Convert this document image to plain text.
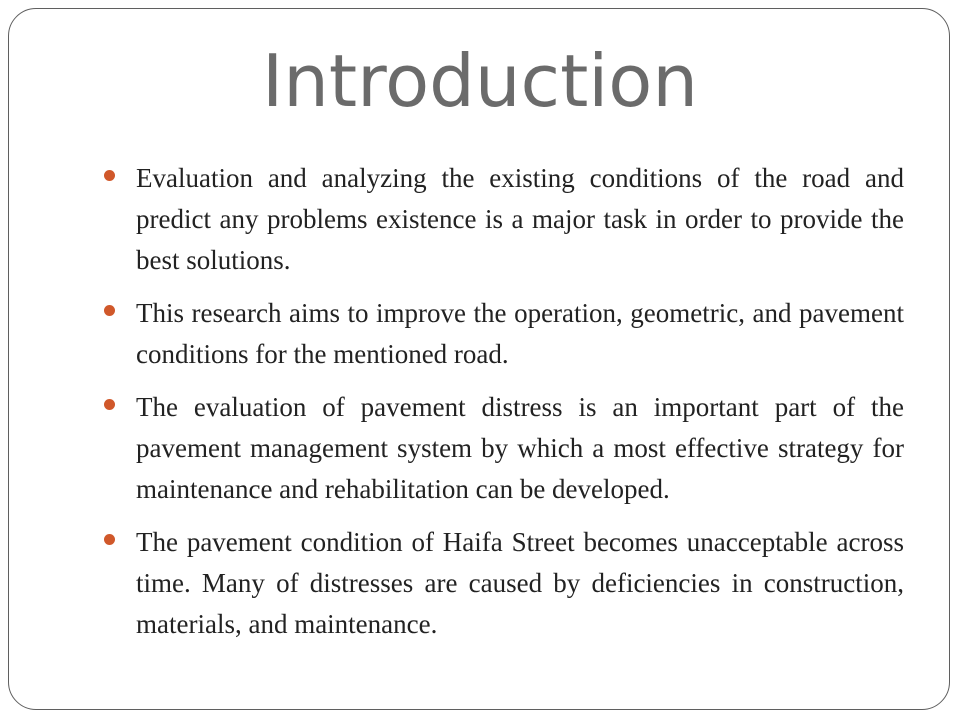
Introduction
Evaluation and analyzing the existing conditions of the road and predict any problems existence is a major task in order to provide the best solutions.
This research aims to improve the operation, geometric, and pavement conditions for the mentioned road.
The evaluation of pavement distress is an important part of the pavement management system by which a most effective strategy for maintenance and rehabilitation can be developed.
The pavement condition of Haifa Street becomes unacceptable across time. Many of distresses are caused by deficiencies in construction, materials, and maintenance.
